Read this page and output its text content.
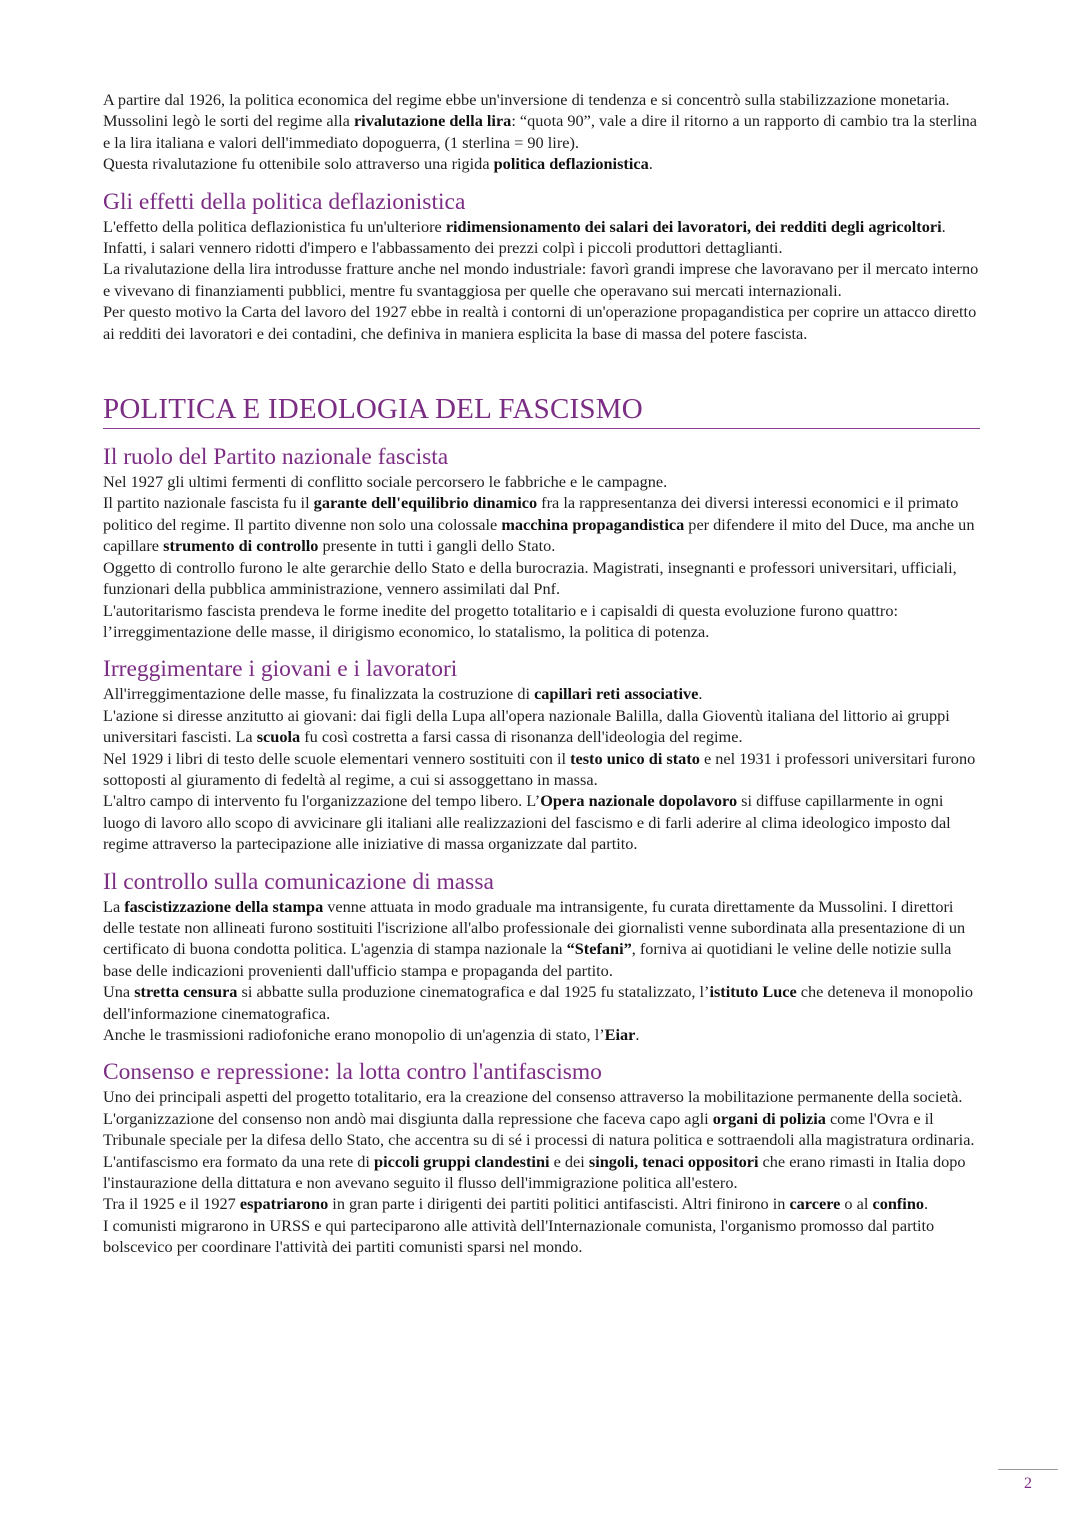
A partire dal 1926, la politica economica del regime ebbe un'inversione di tendenza e si concentrò sulla stabilizzazione monetaria. Mussolini legò le sorti del regime alla rivalutazione della lira: “quota 90”, vale a dire il ritorno a un rapporto di cambio tra la sterlina e la lira italiana e valori dell'immediato dopoguerra, (1 sterlina = 90 lire).

Questa rivalutazione fu ottenibile solo attraverso una rigida politica deflazionistica.

Gli effetti della politica deflazionistica

L'effetto della politica deflazionistica fu un'ulteriore ridimensionamento dei salari dei lavoratori, dei redditi degli agricoltori. Infatti, i salari vennero ridotti d'impero e l'abbassamento dei prezzi colpì i piccoli produttori dettaglianti.

La rivalutazione della lira introdusse fratture anche nel mondo industriale: favorì grandi imprese che lavoravano per il mercato interno e vivevano di finanziamenti pubblici, mentre fu svantaggiosa per quelle che operavano sui mercati internazionali.

Per questo motivo la Carta del lavoro del 1927 ebbe in realtà i contorni di un'operazione propagandistica per coprire un attacco diretto ai redditi dei lavoratori e dei contadini, che definiva in maniera esplicita la base di massa del potere fascista.

POLITICA E IDEOLOGIA DEL FASCISMO
Il ruolo del Partito nazionale fascista

Nel 1927 gli ultimi fermenti di conflitto sociale percorsero le fabbriche e le campagne.

Il partito nazionale fascista fu il garante dell'equilibrio dinamico fra la rappresentanza dei diversi interessi economici e il primato politico del regime. Il partito divenne non solo una colossale macchina propagandistica per difendere il mito del Duce, ma anche un capillare strumento di controllo presente in tutti i gangli dello Stato.

Oggetto di controllo furono le alte gerarchie dello Stato e della burocrazia. Magistrati, insegnanti e professori universitari, ufficiali, funzionari della pubblica amministrazione, vennero assimilati dal Pnf.

L'autoritarismo fascista prendeva le forme inedite del progetto totalitario e i capisaldi di questa evoluzione furono quattro: l’irreggimentazione delle masse, il dirigismo economico, lo statalismo, la politica di potenza.

Irreggimentare i giovani e i lavoratori

All'irreggimentazione delle masse, fu finalizzata la costruzione di capillari reti associative.

L'azione si diresse anzitutto ai giovani: dai figli della Lupa all'opera nazionale Balilla, dalla Gioventù italiana del littorio ai gruppi universitari fascisti. La scuola fu così costretta a farsi cassa di risonanza dell'ideologia del regime.

Nel 1929 i libri di testo delle scuole elementari vennero sostituiti con il testo unico di stato e nel 1931 i professori universitari furono sottoposti al giuramento di fedeltà al regime, a cui si assoggettano in massa.

L'altro campo di intervento fu l'organizzazione del tempo libero. L’Opera nazionale dopolavoro si diffuse capillarmente in ogni luogo di lavoro allo scopo di avvicinare gli italiani alle realizzazioni del fascismo e di farli aderire al clima ideologico imposto dal regime attraverso la partecipazione alle iniziative di massa organizzate dal partito.

Il controllo sulla comunicazione di massa

La fascistizzazione della stampa venne attuata in modo graduale ma intransigente, fu curata direttamente da Mussolini. I direttori delle testate non allineati furono sostituiti l'iscrizione all'albo professionale dei giornalisti venne subordinata alla presentazione di un certificato di buona condotta politica. L'agenzia di stampa nazionale la “Stefani”, forniva ai quotidiani le veline delle notizie sulla base delle indicazioni provenienti dall'ufficio stampa e propaganda del partito.

Una stretta censura si abbatte sulla produzione cinematografica e dal 1925 fu statalizzato, l’istituto Luce che deteneva il monopolio dell'informazione cinematografica.

Anche le trasmissioni radiofoniche erano monopolio di un'agenzia di stato, l’Eiar.

Consenso e repressione: la lotta contro l'antifascismo

Uno dei principali aspetti del progetto totalitario, era la creazione del consenso attraverso la mobilitazione permanente della società.

L'organizzazione del consenso non andò mai disgiunta dalla repressione che faceva capo agli organi di polizia come l'Ovra e il Tribunale speciale per la difesa dello Stato, che accentra su di sé i processi di natura politica e sottraendoli alla magistratura ordinaria.

L'antifascismo era formato da una rete di piccoli gruppi clandestini e dei singoli, tenaci oppositori che erano rimasti in Italia dopo l'instaurazione della dittatura e non avevano seguito il flusso dell'immigrazione politica all'estero.

Tra il 1925 e il 1927 espatriarono in gran parte i dirigenti dei partiti politici antifascisti. Altri finirono in carcere o al confino.

I comunisti migrarono in URSS e qui parteciparono alle attività dell'Internazionale comunista, l'organismo promosso dal partito bolscevico per coordinare l'attività dei partiti comunisti sparsi nel mondo.

2
